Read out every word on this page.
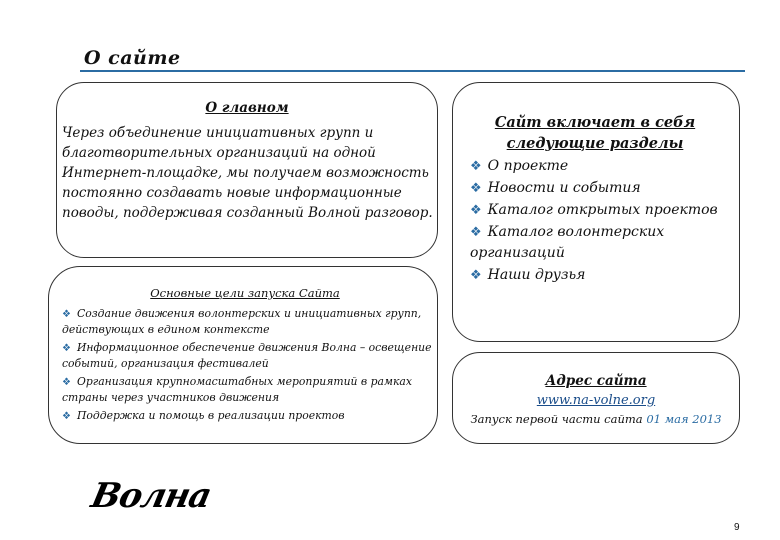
О сайте
О главном
Через объединение инициативных групп и благотворительных организаций на одной Интернет-площадке, мы получаем возможность постоянно создавать новые информационные поводы, поддерживая созданный Волной разговор.
Основные цели запуска Сайта
❖ Создание движения волонтерских и инициативных групп, действующих в едином контексте
❖ Информационное обеспечение движения Волна – освещение событий, организация фестивалей
❖ Организация крупномасштабных мероприятий в рамках страны через участников движения
❖ Поддержка и помощь в реализации проектов
Сайт включает в себя следующие разделы
❖ О проекте
❖ Новости и события
❖ Каталог открытых проектов
❖ Каталог волонтерских организаций
❖ Наши друзья
Адрес сайта
www.na-volne.org
Запуск первой части сайта 01 мая 2013
Волна
9
